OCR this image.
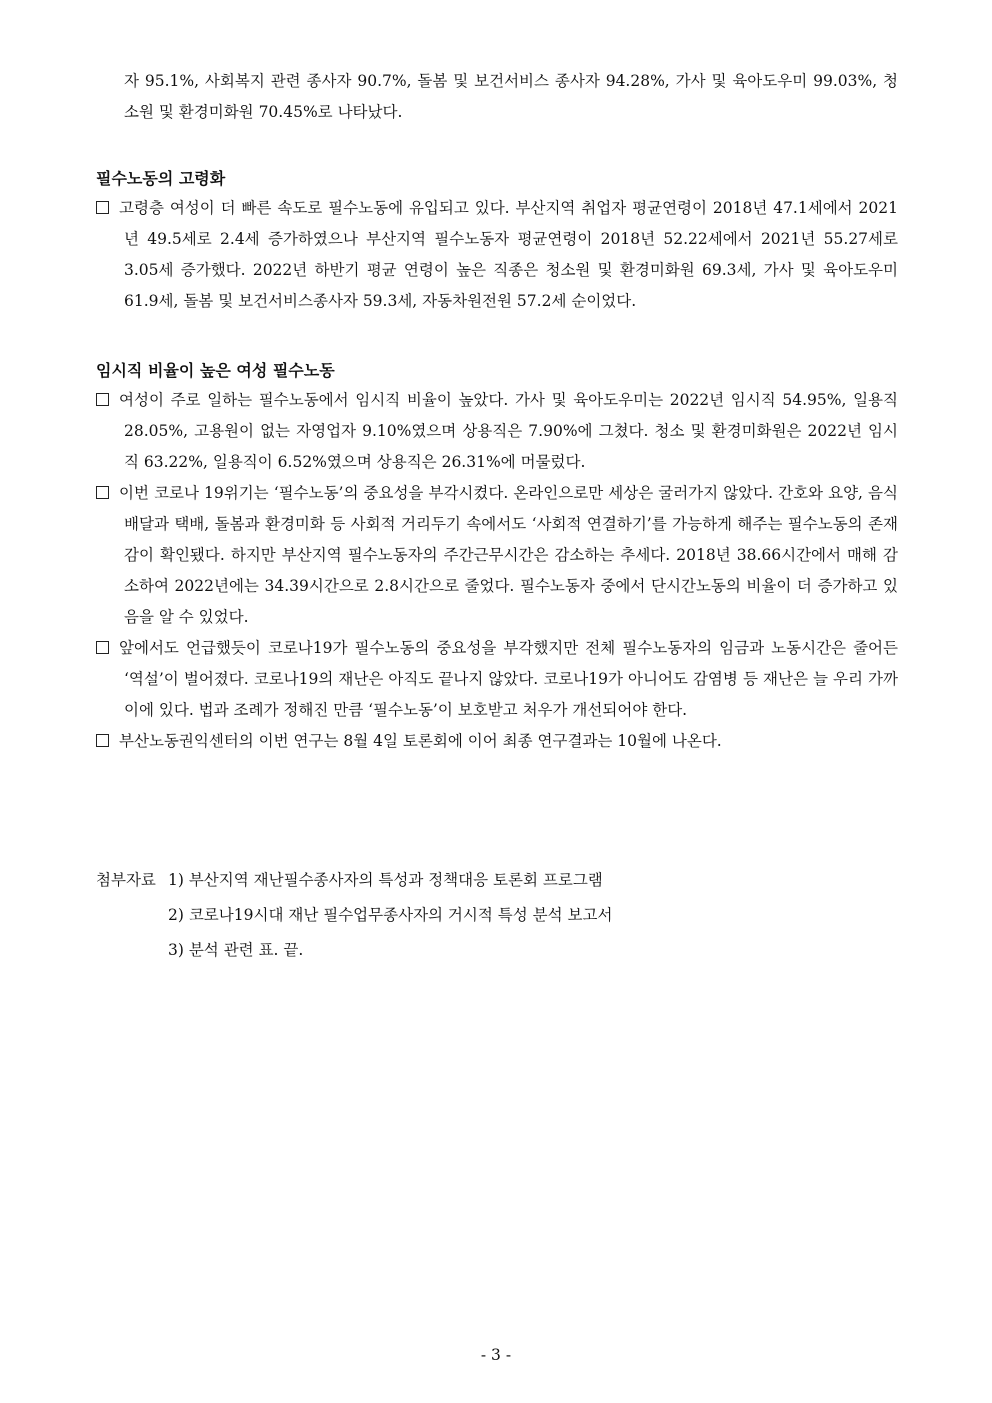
자 95.1%, 사회복지 관련 종사자 90.7%, 돌봄 및 보건서비스 종사자 94.28%, 가사 및 육아도우미 99.03%, 청소원 및 환경미화원 70.45%로 나타났다.

필수노동의 고령화

고령층 여성이 더 빠른 속도로 필수노동에 유입되고 있다. 부산지역 취업자 평균연령이 2018년 47.1세에서 2021년 49.5세로 2.4세 증가하였으나 부산지역 필수노동자 평균연령이 2018년 52.22세에서 2021년 55.27세로 3.05세 증가했다. 2022년 하반기 평균 연령이 높은 직종은 청소원 및 환경미화원 69.3세, 가사 및 육아도우미 61.9세, 돌봄 및 보건서비스종사자 59.3세, 자동차원전원 57.2세 순이었다.

임시직 비율이 높은 여성 필수노동

여성이 주로 일하는 필수노동에서 임시직 비율이 높았다. 가사 및 육아도우미는 2022년 임시직 54.95%, 일용직 28.05%, 고용원이 없는 자영업자 9.10%였으며 상용직은 7.90%에 그쳤다. 청소 및 환경미화원은 2022년 임시직 63.22%, 일용직이 6.52%였으며 상용직은 26.31%에 머물렀다.

이번 코로나 19위기는 ‘필수노동’의 중요성을 부각시켰다. 온라인으로만 세상은 굴러가지 않았다. 간호와 요양, 음식배달과 택배, 돌봄과 환경미화 등 사회적 거리두기 속에서도 ‘사회적 연결하기’를 가능하게 해주는 필수노동의 존재감이 확인됐다. 하지만 부산지역 필수노동자의 주간근무시간은 감소하는 추세다. 2018년 38.66시간에서 매해 감소하여 2022년에는 34.39시간으로 2.8시간으로 줄었다. 필수노동자 중에서 단시간노동의 비율이 더 증가하고 있음을 알 수 있었다.

앞에서도 언급했듯이 코로나19가 필수노동의 중요성을 부각했지만 전체 필수노동자의 임금과 노동시간은 줄어든 ‘역설’이 벌어졌다. 코로나19의 재난은 아직도 끝나지 않았다. 코로나19가 아니어도 감염병 등 재난은 늘 우리 가까이에 있다. 법과 조례가 정해진 만큼 ‘필수노동’이 보호받고 처우가 개선되어야 한다.

부산노동권익센터의 이번 연구는 8월 4일 토론회에 이어 최종 연구결과는 10월에 나온다.

첨부자료 1) 부산지역 재난필수종사자의 특성과 정책대응 토론회 프로그램
2) 코로나19시대 재난 필수업무종사자의 거시적 특성 분석 보고서
3) 분석 관련 표. 끝.
- 3 -
